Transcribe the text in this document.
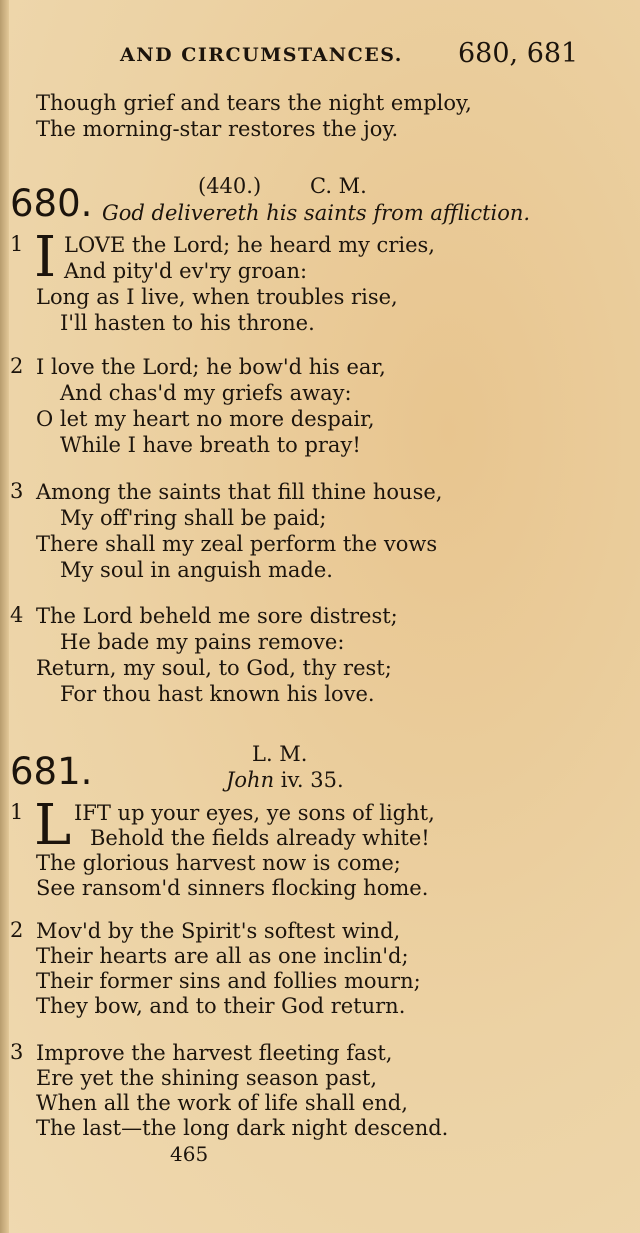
AND CIRCUMSTANCES. 680, 681
Though grief and tears the night employ,
The morning-star restores the joy.
680.	(440.) C. M.
God delivereth his saints from affliction.
1 I LOVE the Lord; he heard my cries,
And pity'd ev'ry groan:
Long as I live, when troubles rise,
I'll hasten to his throne.
2 I love the Lord; he bow'd his ear,
And chas'd my griefs away:
O let my heart no more despair,
While I have breath to pray!
3 Among the saints that fill thine house,
My off'ring shall be paid;
There shall my zeal perform the vows
My soul in anguish made.
4 The Lord beheld me sore distrest;
He bade my pains remove:
Return, my soul, to God, thy rest;
For thou hast known his love.
681.	L. M.
John iv. 35.
1 L IFT up your eyes, ye sons of light,
Behold the fields already white!
The glorious harvest now is come;
See ransom'd sinners flocking home.
2 Mov'd by the Spirit's softest wind,
Their hearts are all as one inclin'd;
Their former sins and follies mourn;
They bow, and to their God return.
3 Improve the harvest fleeting fast,
Ere yet the shining season past,
When all the work of life shall end,
The last—the long dark night descend.
465
